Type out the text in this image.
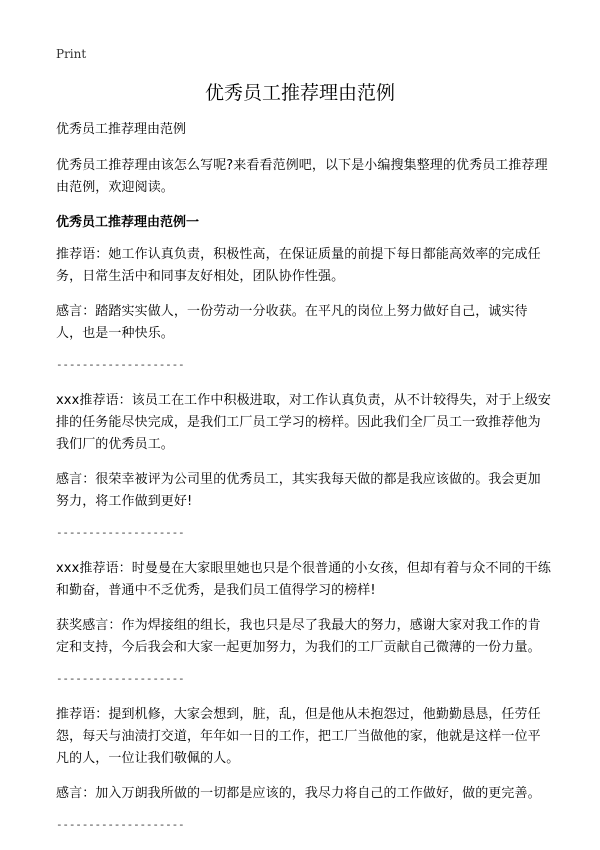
Print
优秀员工推荐理由范例

优秀员工推荐理由范例

优秀员工推荐理由该怎么写呢?来看看范例吧，以下是小编搜集整理的优秀员工推荐理由范例，欢迎阅读。

优秀员工推荐理由范例一

推荐语：她工作认真负责，积极性高，在保证质量的前提下每日都能高效率的完成任务，日常生活中和同事友好相处，团队协作性强。

感言：踏踏实实做人，一份劳动一分收获。在平凡的岗位上努力做好自己，诚实待人，也是一种快乐。

--------------------

xxx推荐语：该员工在工作中积极进取，对工作认真负责，从不计较得失，对于上级安排的任务能尽快完成，是我们工厂员工学习的榜样。因此我们全厂员工一致推荐他为我们厂的优秀员工。

感言：很荣幸被评为公司里的优秀员工，其实我每天做的都是我应该做的。我会更加努力，将工作做到更好!

--------------------

xxx推荐语：时曼曼在大家眼里她也只是个很普通的小女孩，但却有着与众不同的干练和勤奋，普通中不乏优秀，是我们员工值得学习的榜样!

获奖感言：作为焊接组的组长，我也只是尽了我最大的努力，感谢大家对我工作的肯定和支持，今后我会和大家一起更加努力，为我们的工厂贡献自己微薄的一份力量。

--------------------

推荐语：提到机修，大家会想到，脏，乱，但是他从未抱怨过，他勤勤恳恳，任劳任怨，每天与油渍打交道，年年如一日的工作，把工厂当做他的家，他就是这样一位平凡的人，一位让我们敬佩的人。

感言：加入万朗我所做的一切都是应该的，我尽力将自己的工作做好，做的更完善。

--------------------
